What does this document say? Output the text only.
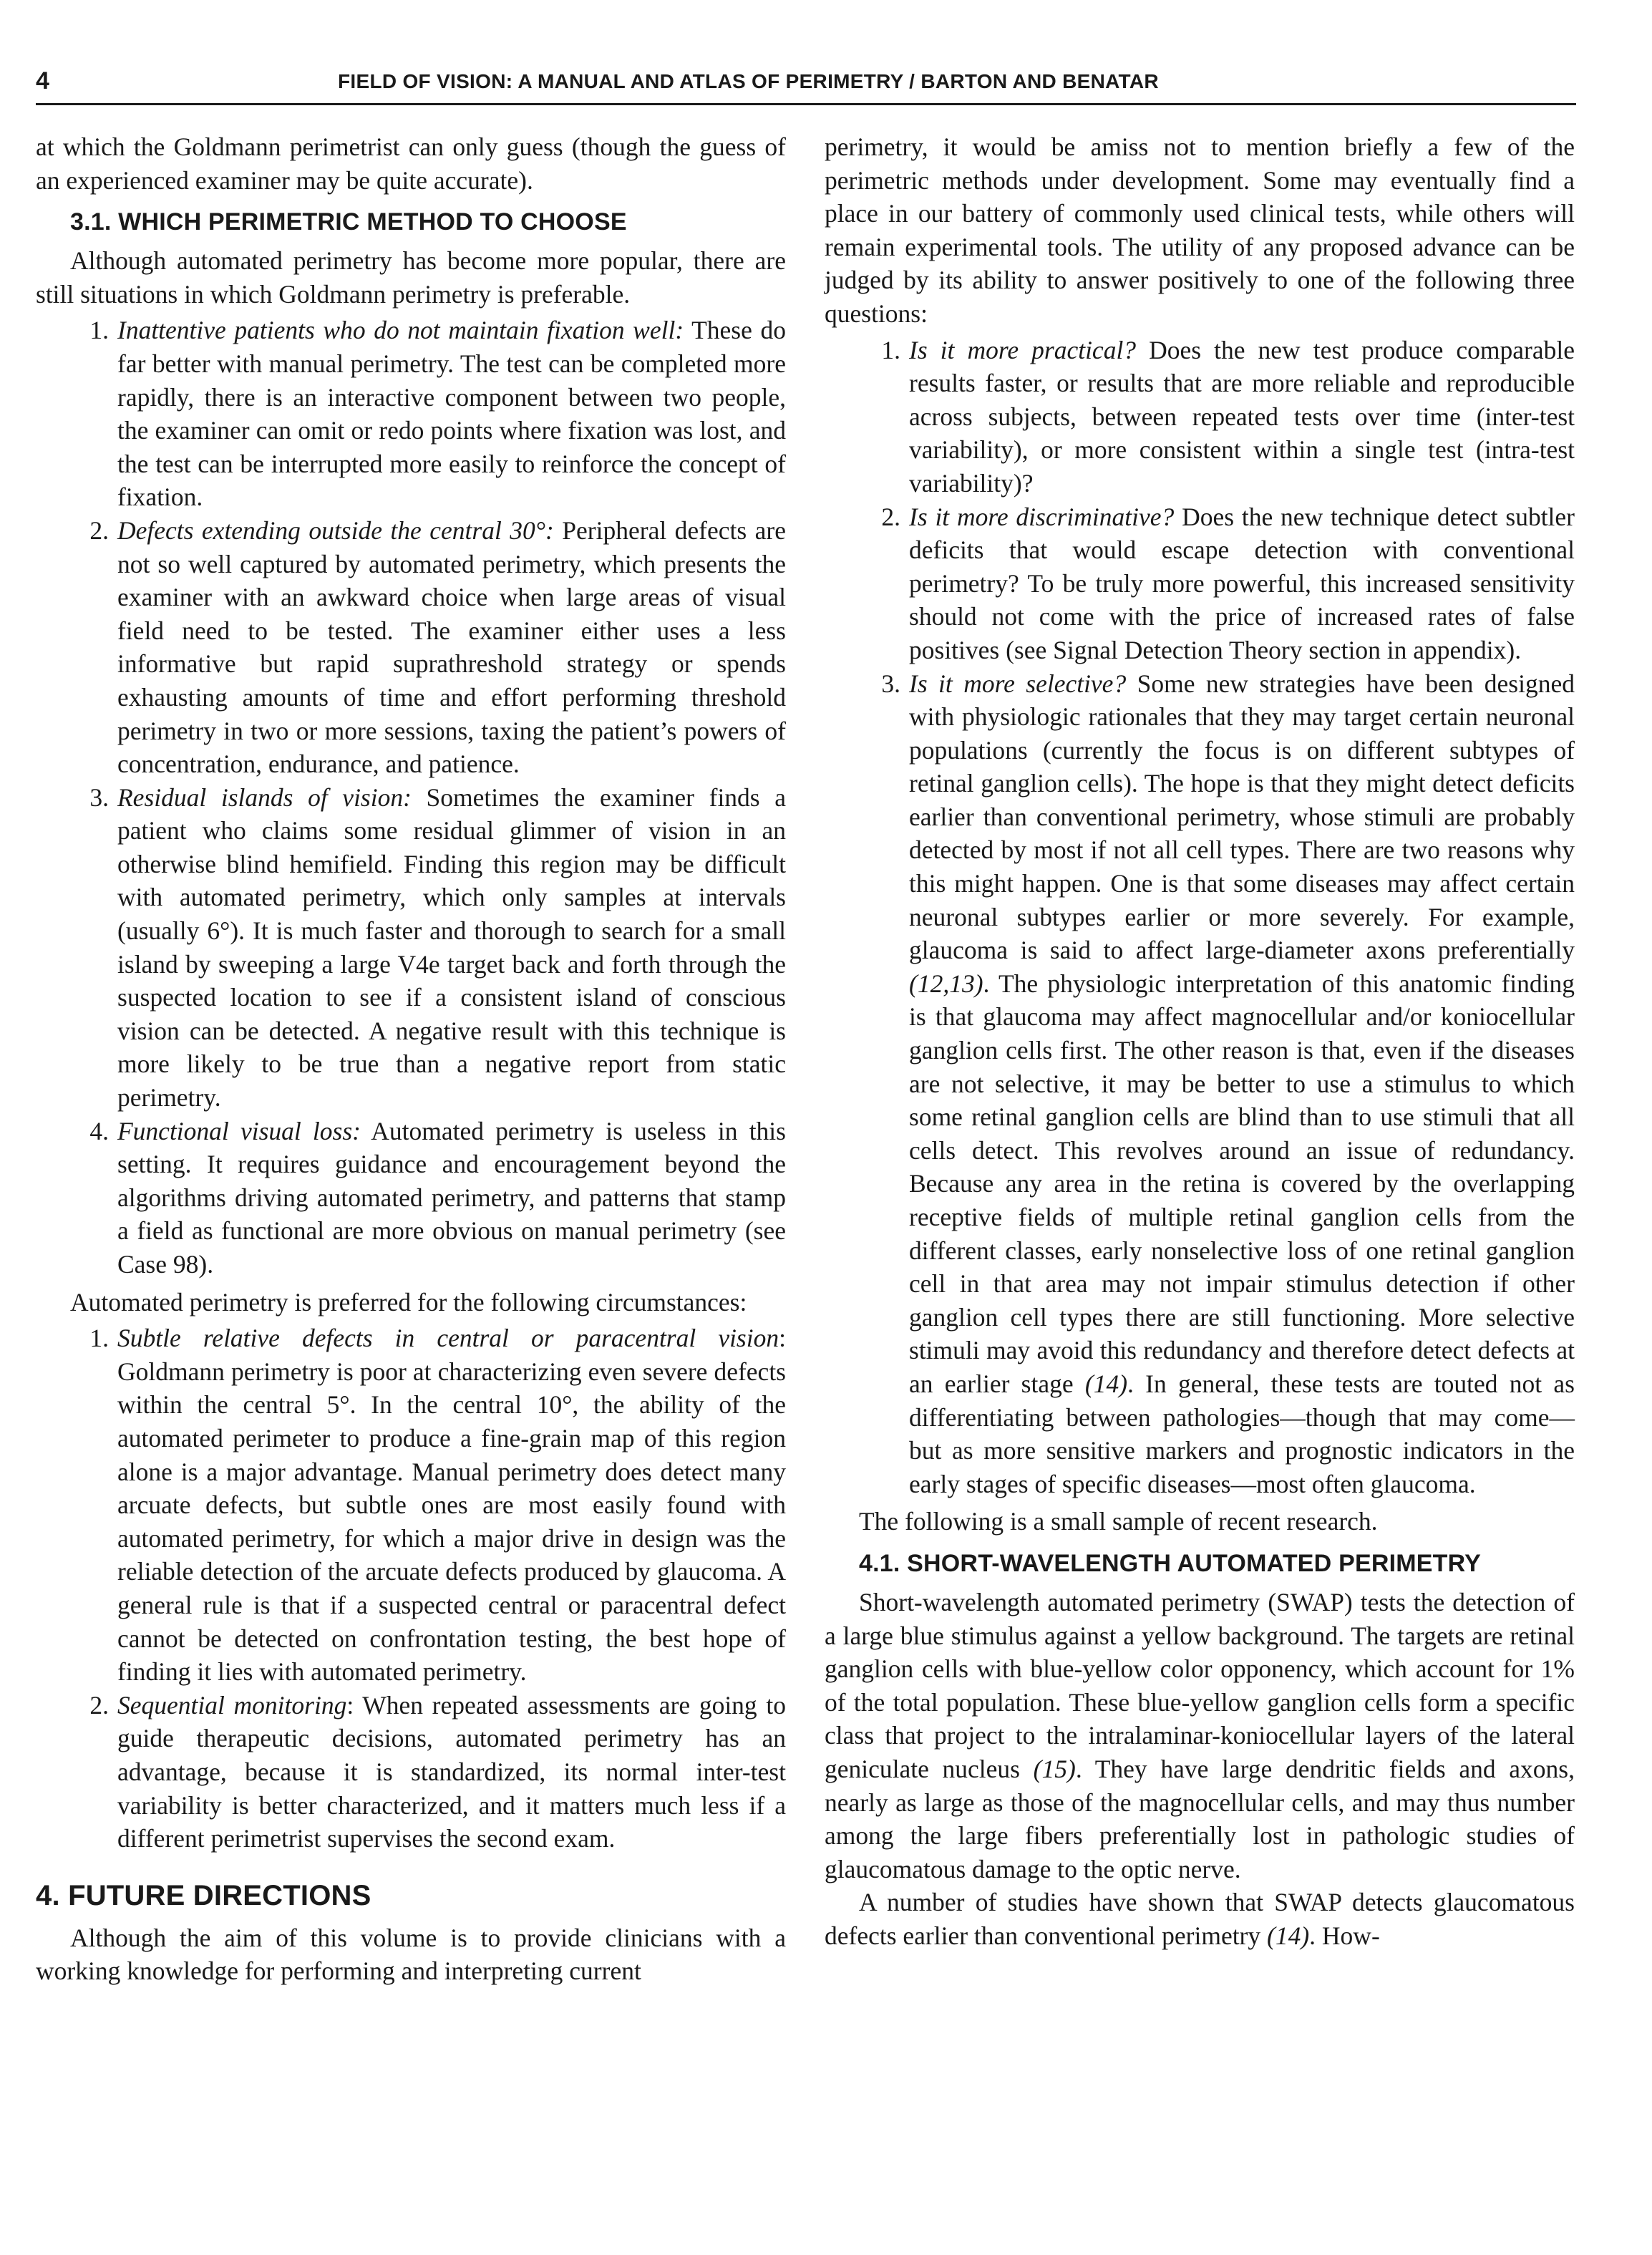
4	FIELD OF VISION: A MANUAL AND ATLAS OF PERIMETRY / BARTON AND BENATAR

at which the Goldmann perimetrist can only guess (though the guess of an experienced examiner may be quite accurate).

3.1. WHICH PERIMETRIC METHOD TO CHOOSE

Although automated perimetry has become more popular, there are still situations in which Goldmann perimetry is preferable.

1. Inattentive patients who do not maintain fixation well: These do far better with manual perimetry. The test can be completed more rapidly, there is an interactive component between two people, the examiner can omit or redo points where fixation was lost, and the test can be interrupted more easily to reinforce the concept of fixation.
2. Defects extending outside the central 30°: Peripheral defects are not so well captured by automated perimetry, which presents the examiner with an awkward choice when large areas of visual field need to be tested. The examiner either uses a less informative but rapid suprathreshold strategy or spends exhausting amounts of time and effort performing threshold perimetry in two or more sessions, taxing the patient’s powers of concentration, endurance, and patience.
3. Residual islands of vision: Sometimes the examiner finds a patient who claims some residual glimmer of vision in an otherwise blind hemifield. Finding this region may be difficult with automated perimetry, which only samples at intervals (usually 6°). It is much faster and thorough to search for a small island by sweeping a large V4e target back and forth through the suspected location to see if a consistent island of conscious vision can be detected. A negative result with this technique is more likely to be true than a negative report from static perimetry.
4. Functional visual loss: Automated perimetry is useless in this setting. It requires guidance and encouragement beyond the algorithms driving automated perimetry, and patterns that stamp a field as functional are more obvious on manual perimetry (see Case 98).

Automated perimetry is preferred for the following circumstances:

1. Subtle relative defects in central or paracentral vision: Goldmann perimetry is poor at characterizing even severe defects within the central 5°. In the central 10°, the ability of the automated perimeter to produce a fine-grain map of this region alone is a major advantage. Manual perimetry does detect many arcuate defects, but subtle ones are most easily found with automated perimetry, for which a major drive in design was the reliable detection of the arcuate defects produced by glaucoma. A general rule is that if a suspected central or paracentral defect cannot be detected on confrontation testing, the best hope of finding it lies with automated perimetry.
2. Sequential monitoring: When repeated assessments are going to guide therapeutic decisions, automated perimetry has an advantage, because it is standardized, its normal inter-test variability is better characterized, and it matters much less if a different perimetrist supervises the second exam.
4. FUTURE DIRECTIONS

Although the aim of this volume is to provide clinicians with a working knowledge for performing and interpreting current

perimetry, it would be amiss not to mention briefly a few of the perimetric methods under development. Some may eventually find a place in our battery of commonly used clinical tests, while others will remain experimental tools. The utility of any proposed advance can be judged by its ability to answer positively to one of the following three questions:

1. Is it more practical? Does the new test produce comparable results faster, or results that are more reliable and reproducible across subjects, between repeated tests over time (inter-test variability), or more consistent within a single test (intra-test variability)?
2. Is it more discriminative? Does the new technique detect subtler deficits that would escape detection with conventional perimetry? To be truly more powerful, this increased sensitivity should not come with the price of increased rates of false positives (see Signal Detection Theory section in appendix).
3. Is it more selective? Some new strategies have been designed with physiologic rationales that they may target certain neuronal populations (currently the focus is on different subtypes of retinal ganglion cells). The hope is that they might detect deficits earlier than conventional perimetry, whose stimuli are probably detected by most if not all cell types. There are two reasons why this might happen. One is that some diseases may affect certain neuronal subtypes earlier or more severely. For example, glaucoma is said to affect large-diameter axons preferentially (12,13). The physiologic interpretation of this anatomic finding is that glaucoma may affect magnocellular and/or koniocellular ganglion cells first. The other reason is that, even if the diseases are not selective, it may be better to use a stimulus to which some retinal ganglion cells are blind than to use stimuli that all cells detect. This revolves around an issue of redundancy. Because any area in the retina is covered by the overlapping receptive fields of multiple retinal ganglion cells from the different classes, early nonselective loss of one retinal ganglion cell in that area may not impair stimulus detection if other ganglion cell types there are still functioning. More selective stimuli may avoid this redundancy and therefore detect defects at an earlier stage (14). In general, these tests are touted not as differentiating between pathologies—though that may come—but as more sensitive markers and prognostic indicators in the early stages of specific diseases—most often glaucoma.

The following is a small sample of recent research.

4.1. SHORT-WAVELENGTH AUTOMATED PERIMETRY

Short-wavelength automated perimetry (SWAP) tests the detection of a large blue stimulus against a yellow background. The targets are retinal ganglion cells with blue-yellow color opponency, which account for 1% of the total population. These blue-yellow ganglion cells form a specific class that project to the intralaminar-koniocellular layers of the lateral geniculate nucleus (15). They have large dendritic fields and axons, nearly as large as those of the magnocellular cells, and may thus number among the large fibers preferentially lost in pathologic studies of glaucomatous damage to the optic nerve.

A number of studies have shown that SWAP detects glaucomatous defects earlier than conventional perimetry (14). How-
